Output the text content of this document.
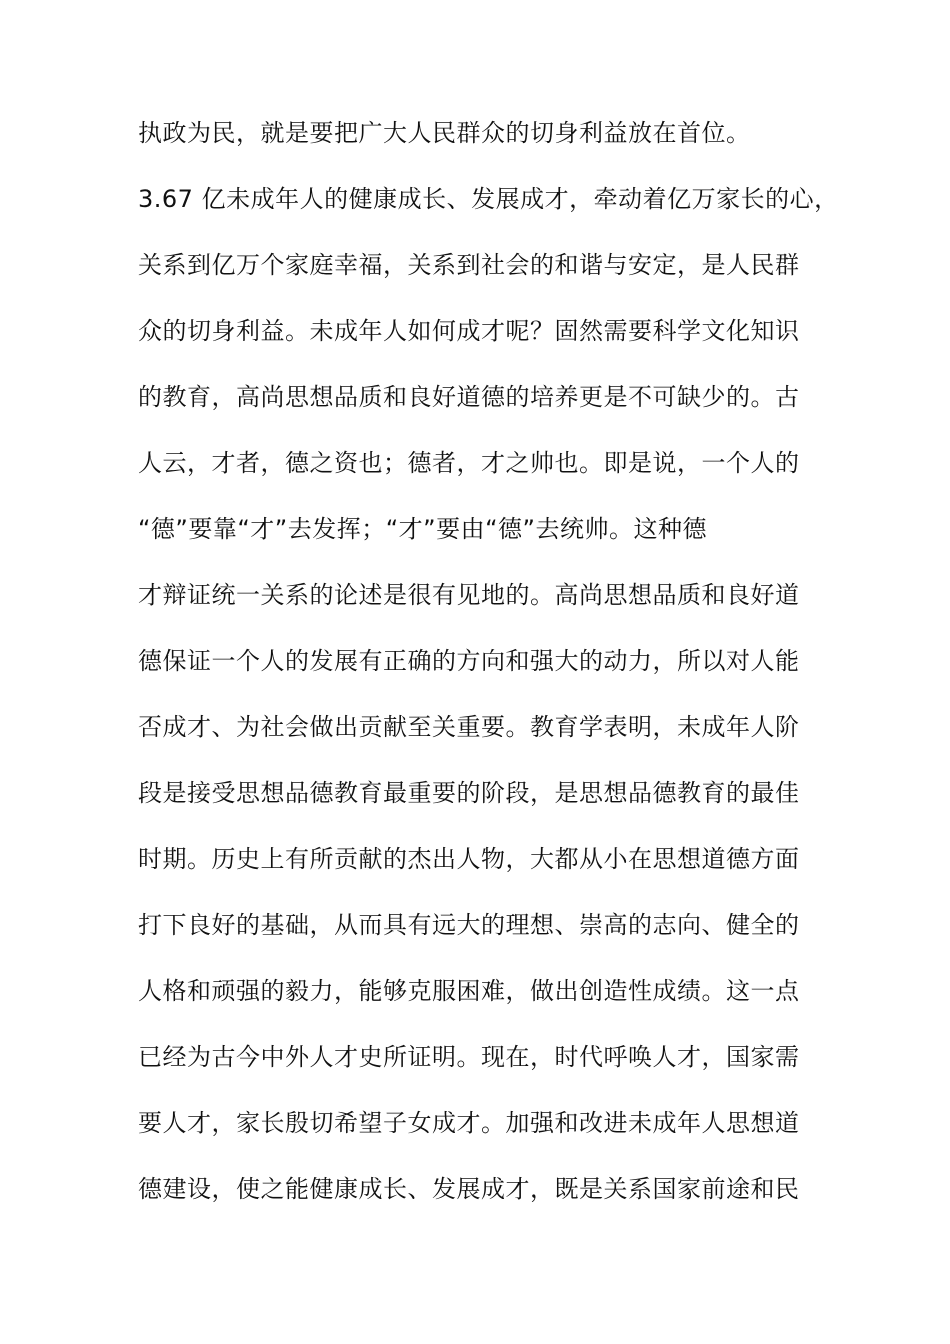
执政为民，就是要把广大人民群众的切身利益放在首位。
3.67 亿未成年人的健康成长、发展成才，牵动着亿万家长的心，
关系到亿万个家庭幸福，关系到社会的和谐与安定，是人民群
众的切身利益。未成年人如何成才呢？固然需要科学文化知识
的教育，高尚思想品质和良好道德的培养更是不可缺少的。古
人云，才者，德之资也；德者，才之帅也。即是说，一个人的
“德”要靠“才”去发挥；“才”要由“德”去统帅。这种德
才辩证统一关系的论述是很有见地的。高尚思想品质和良好道
德保证一个人的发展有正确的方向和强大的动力，所以对人能
否成才、为社会做出贡献至关重要。教育学表明，未成年人阶
段是接受思想品德教育最重要的阶段，是思想品德教育的最佳
时期。历史上有所贡献的杰出人物，大都从小在思想道德方面
打下良好的基础，从而具有远大的理想、崇高的志向、健全的
人格和顽强的毅力，能够克服困难，做出创造性成绩。这一点
已经为古今中外人才史所证明。现在，时代呼唤人才，国家需
要人才，家长殷切希望子女成才。加强和改进未成年人思想道
德建设，使之能健康成长、发展成才，既是关系国家前途和民
